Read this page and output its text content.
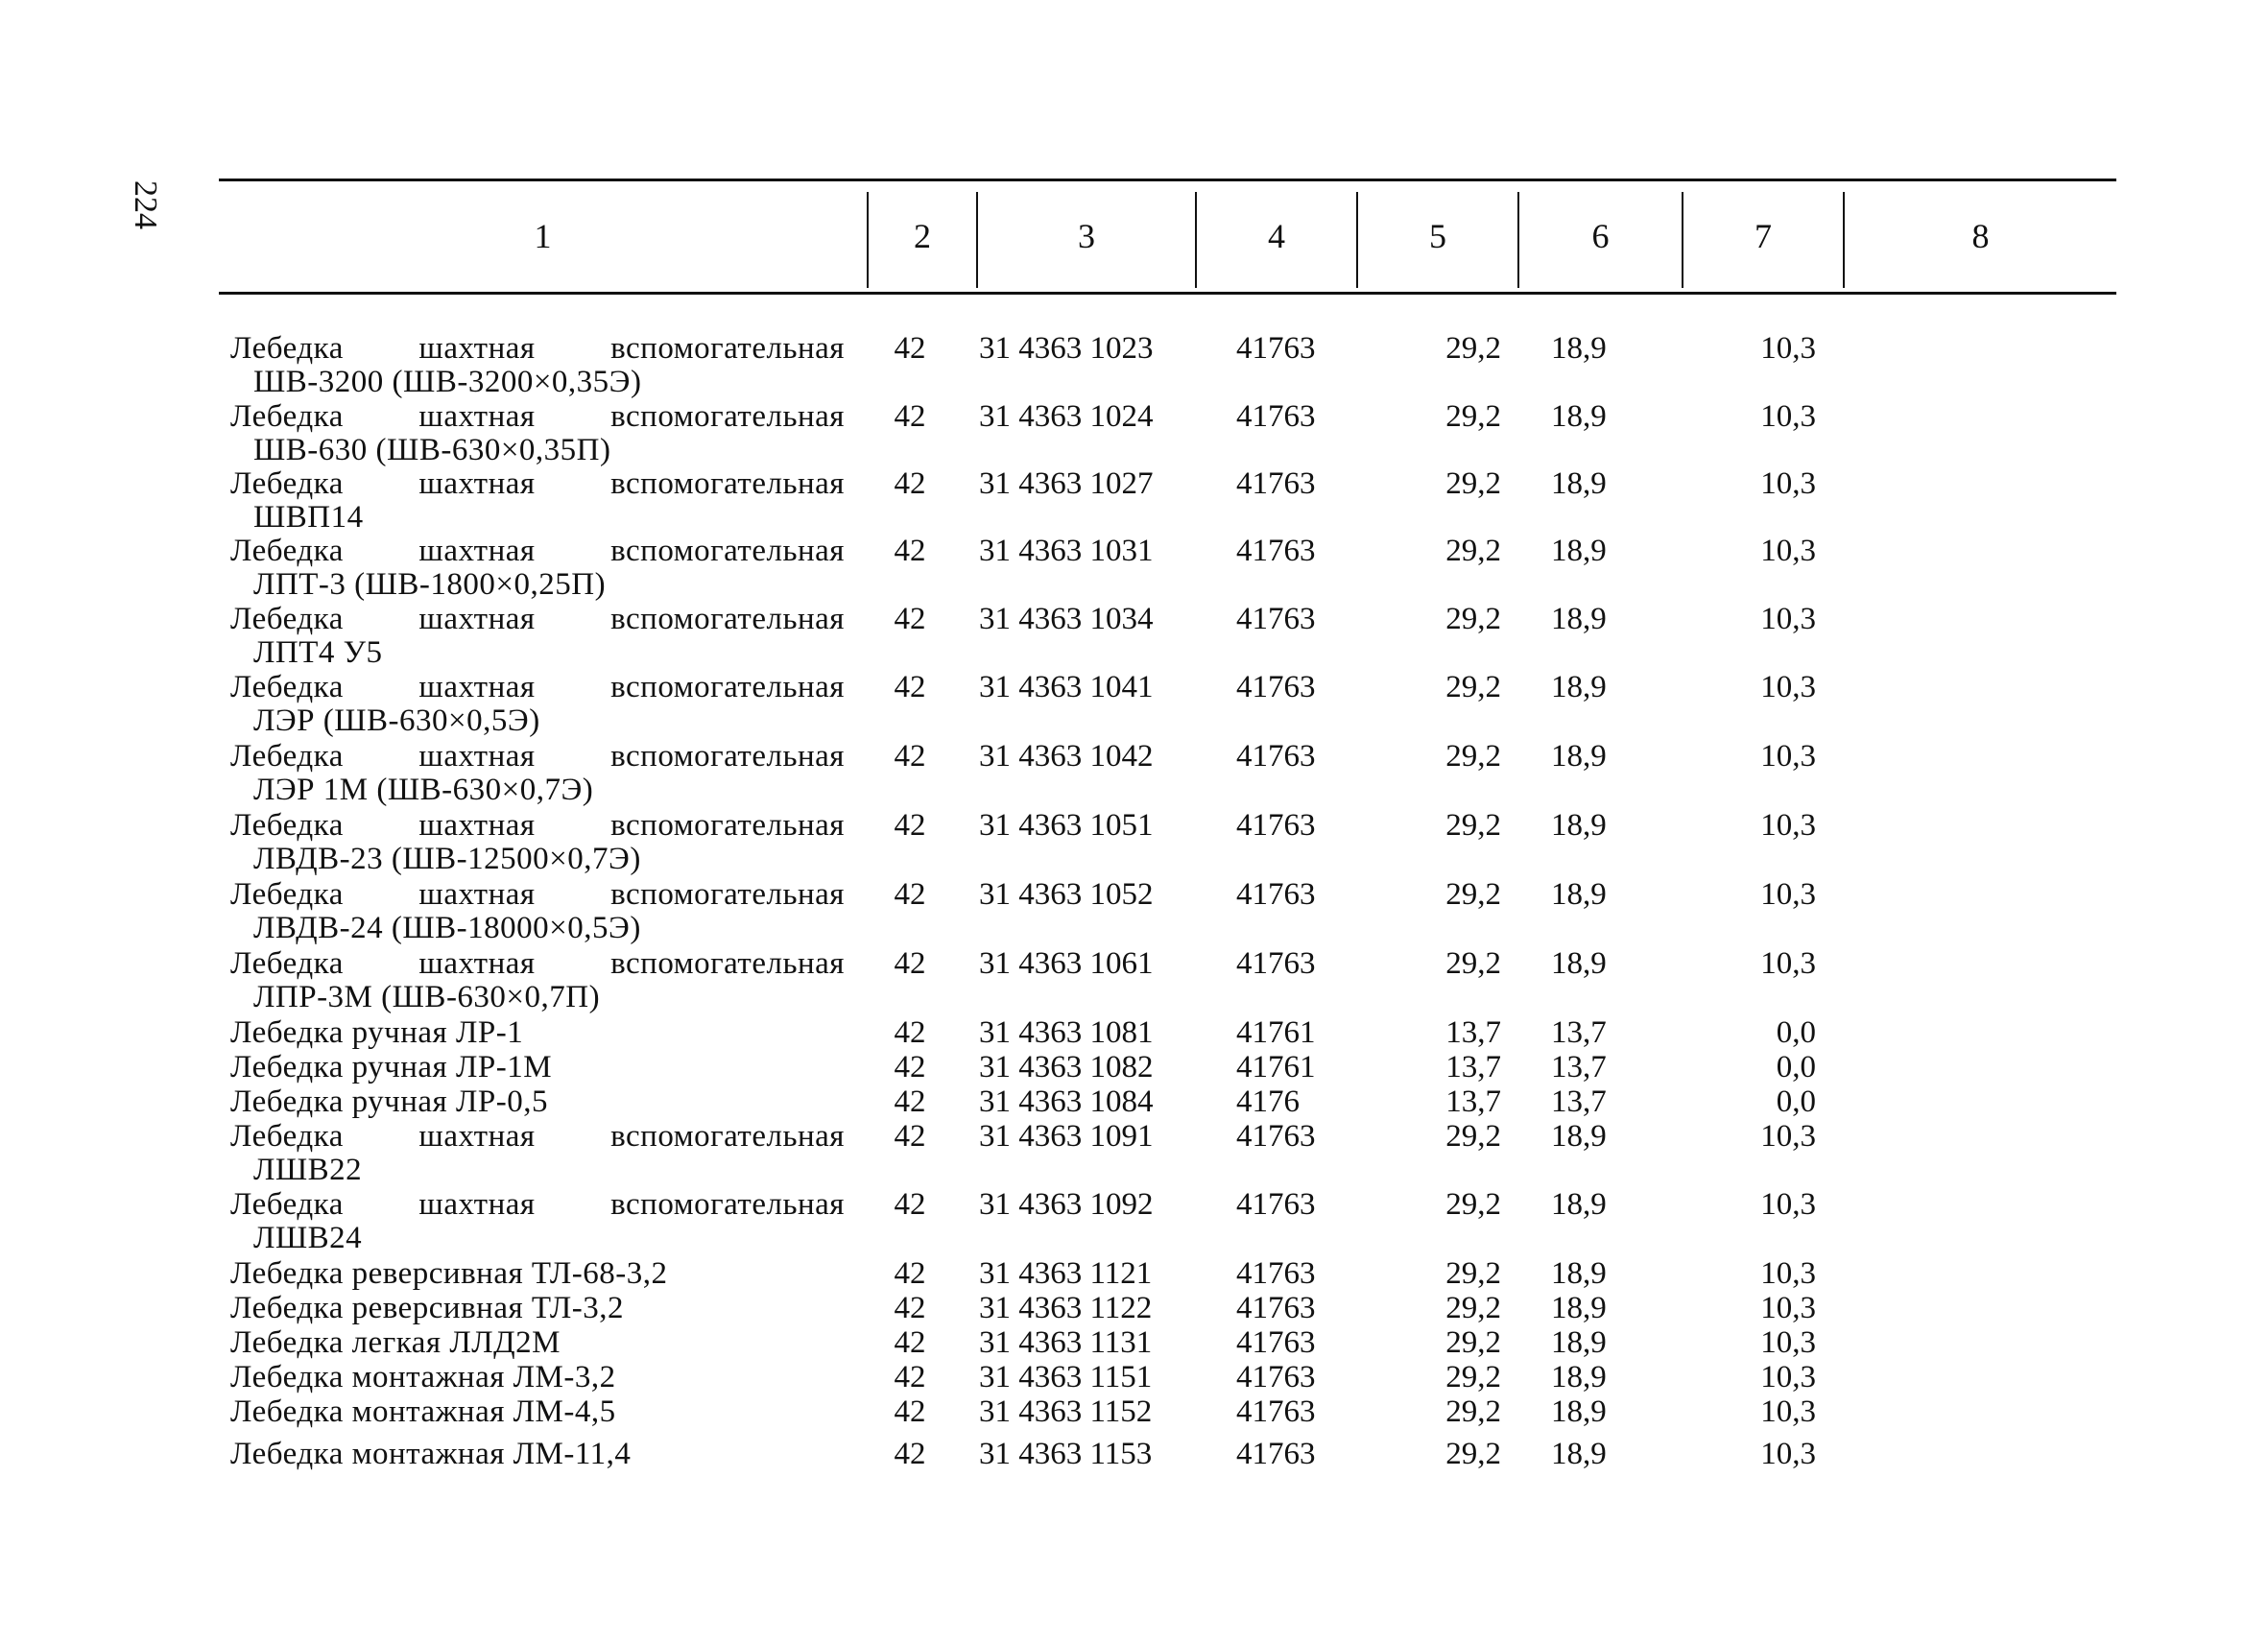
224
1	2	3	4	5	6	7	8
Лебедка шахтная вспомогательная
ШВ-3200 (ШВ-3200×0,35Э)
42	31 4363 1023	41763	29,2 18,9	10,3
Лебедка шахтная вспомогательная
ШВ-630 (ШВ-630×0,35П)
42	31 4363 1024	41763	29,2 18,9	10,3
Лебедка шахтная вспомогательная
ШВП14
42	31 4363 1027	41763	29,2 18,9	10,3
Лебедка шахтная вспомогательная
ЛПТ-3 (ШВ-1800×0,25П)
42	31 4363 1031	41763	29,2 18,9	10,3
Лебедка шахтная вспомогательная
ЛПТ4 У5
42	31 4363 1034	41763	29,2 18,9	10,3
Лебедка шахтная вспомогательная
ЛЭР (ШВ-630×0,5Э)
42	31 4363 1041	41763	29,2 18,9	10,3
Лебедка шахтная вспомогательная
ЛЭР 1М (ШВ-630×0,7Э)
42	31 4363 1042	41763	29,2 18,9	10,3
Лебедка шахтная вспомогательная
ЛВДВ-23 (ШВ-12500×0,7Э)
42	31 4363 1051	41763	29,2 18,9	10,3
Лебедка шахтная вспомогательная
ЛВДВ-24 (ШВ-18000×0,5Э)
42	31 4363 1052	41763	29,2 18,9	10,3
Лебедка шахтная вспомогательная
ЛПР-3М (ШВ-630×0,7П)
42	31 4363 1061	41763	29,2 18,9	10,3
Лебедка ручная ЛР-1	42	31 4363 1081	41761	13,7 13,7	0,0
Лебедка ручная ЛР-1М	42	31 4363 1082	41761	13,7 13,7	0,0
Лебедка ручная ЛР-0,5	42	31 4363 1084	4176	13,7 13,7	0,0
Лебедка шахтная вспомогательная
ЛШВ22
42	31 4363 1091	41763	29,2 18,9	10,3
Лебедка шахтная вспомогательная
ЛШВ24
42	31 4363 1092	41763	29,2 18,9	10,3
Лебедка реверсивная ТЛ-68-3,2	42	31 4363 1121	41763	29,2 18,9	10,3
Лебедка реверсивная ТЛ-3,2	42	31 4363 1122	41763	29,2 18,9	10,3
Лебедка легкая ЛЛД2М	42	31 4363 1131	41763	29,2 18,9	10,3
Лебедка монтажная ЛМ-3,2	42	31 4363 1151	41763	29,2 18,9	10,3
Лебедка монтажная ЛМ-4,5	42	31 4363 1152	41763	29,2 18,9	10,3
Лебедка монтажная ЛМ-11,4	42	31 4363 1153	41763	29,2 18,9	10,3
